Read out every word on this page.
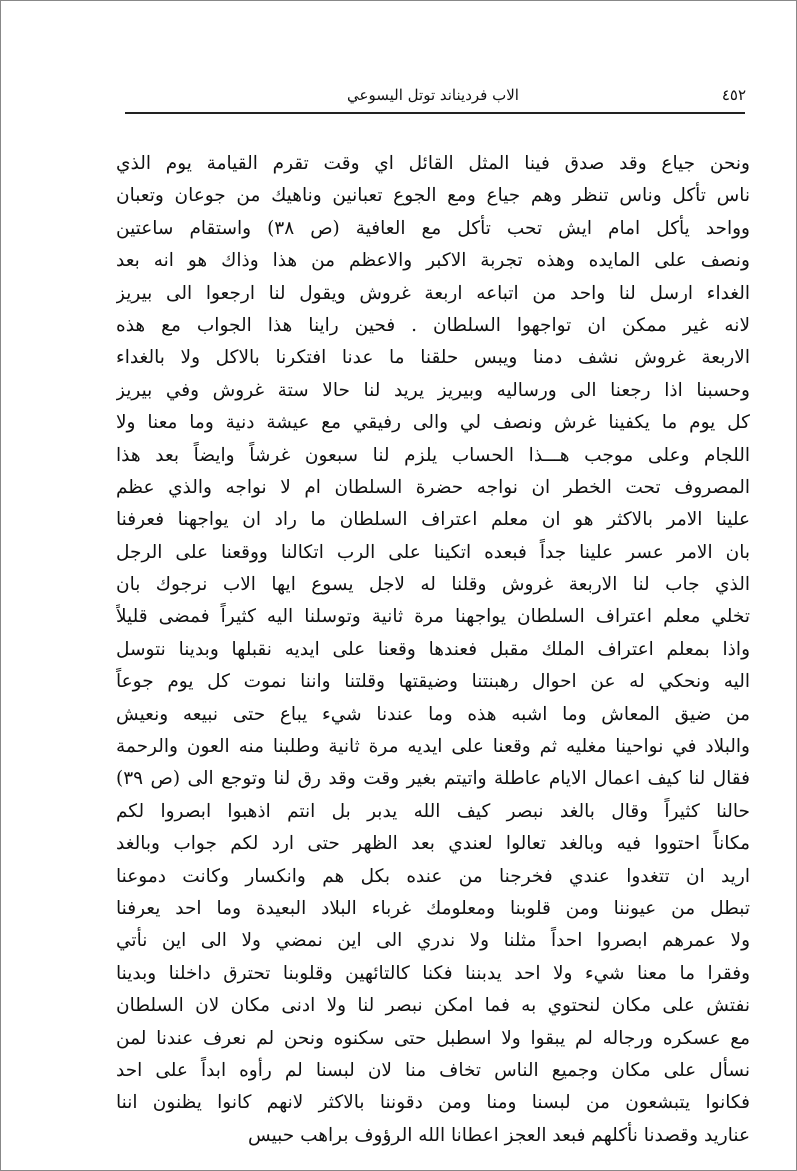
٤٥٢
الاب فرديناند توتل اليسوعي
ونحن جياع وقد صدق فينا المثل القائل اي وقت تقرم القيامة يوم الذي
ناس تأكل وناس تنظر وهم جياع ومع الجوع تعبانين وناهيك من جوعان وتعبان
وواحد يأكل امام ايش تحب تأكل مع العافية (ص ٣٨) واستقام ساعتين
ونصف على المايده وهذه تجربة الاكبر والاعظم من هذا وذاك هو انه بعد
الغداء ارسل لنا واحد من اتباعه اربعة غروش ويقول لنا ارجعوا الى بيريز
لانه غير ممكن ان تواجهوا السلطان . فحين راينا هذا الجواب مع هذه
الاربعة غروش نشف دمنا ويبس حلقنا ما عدنا افتكرنا بالاكل ولا بالغداء
وحسبنا اذا رجعنا الى ورساليه وبيريز يريد لنا حالا ستة غروش وفي بيريز
كل يوم ما يكفينا غرش ونصف لي والى رفيقي مع عيشة دنية وما معنا ولا
اللجام وعلى موجب هـــذا الحساب يلزم لنا سبعون غرشاً وايضاً بعد هذا
المصروف تحت الخطر ان نواجه حضرة السلطان ام لا نواجه والذي عظم
علينا الامر بالاكثر هو ان معلم اعتراف السلطان ما راد ان يواجهنا فعرفنا
بان الامر عسر علينا جداً فبعده اتكينا على الرب اتكالنا ووقعنا على الرجل
الذي جاب لنا الاربعة غروش وقلنا له لاجل يسوع ايها الاب نرجوك بان
تخلي معلم اعتراف السلطان يواجهنا مرة ثانية وتوسلنا اليه كثيراً فمضى قليلاً
واذا بمعلم اعتراف الملك مقبل فعندها وقعنا على ايديه نقبلها وبدينا نتوسل
اليه ونحكي له عن احوال رهبنتنا وضيقتها وقلتنا واننا نموت كل يوم جوعاً
من ضيق المعاش وما اشبه هذه وما عندنا شيء يباع حتى نبيعه ونعيش
والبلاد في نواحينا مغليه ثم وقعنا على ايديه مرة ثانية وطلبنا منه العون والرحمة
فقال لنا كيف اعمال الايام عاطلة واتيتم بغير وقت وقد رق لنا وتوجع الى (ص ٣٩)
حالنا كثيراً وقال بالغد نبصر كيف الله يدبر بل انتم اذهبوا ابصروا لكم
مكاناً احتووا فيه وبالغد تعالوا لعندي بعد الظهر حتى ارد لكم جواب وبالغد
اريد ان تتغدوا عندي فخرجنا من عنده بكل هم وانكسار وكانت دموعنا
تبطل من عيوننا ومن قلوبنا ومعلومك غرباء البلاد البعيدة وما احد يعرفنا
ولا عمرهم ابصروا احداً مثلنا ولا ندري الى اين نمضي ولا الى اين نأتي
وفقرا ما معنا شيء ولا احد يدبننا فكنا كالتائهين وقلوبنا تحترق داخلنا وبدينا
نفتش على مكان لنحتوي به فما امكن نبصر لنا ولا ادنى مكان لان السلطان
مع عسكره ورجاله لم يبقوا ولا اسطبل حتى سكنوه ونحن لم نعرف عندنا لمن
نسأل على مكان وجميع الناس تخاف منا لان لبسنا لم رأوه ابداً على احد
فكانوا يتبشعون من لبسنا ومنا ومن دقوننا بالاكثر لانهم كانوا يظنون اننا
عناريد وقصدنا نأكلهم فبعد العجز اعطانا الله الرؤوف براهب حبيس
